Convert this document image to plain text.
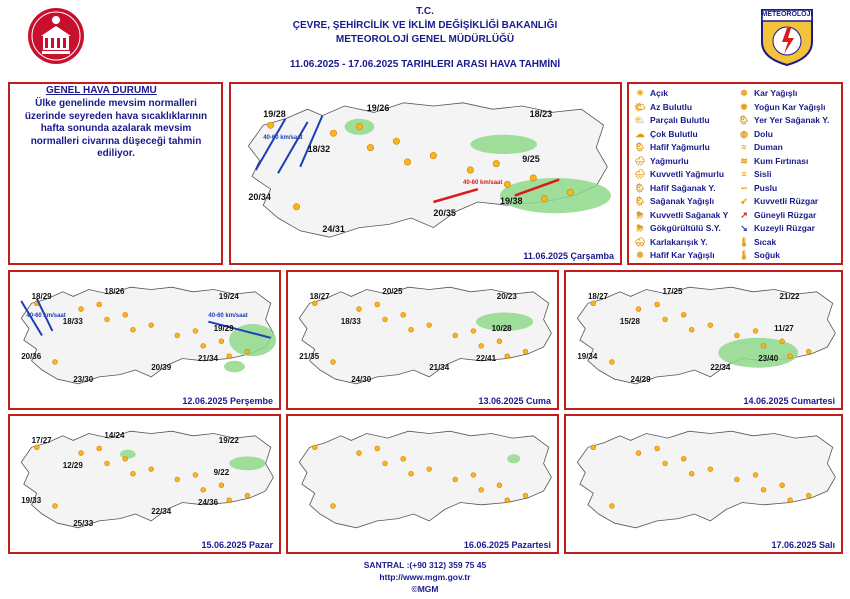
T.C.
ÇEVRE, ŞEHİRCİLİK VE İKLİM DEĞİŞİKLİĞİ BAKANLIĞI
METEOROLOJİ GENEL MÜDÜRLÜĞÜ
11.06.2025 - 17.06.2025 TARIHLERI ARASI HAVA TAHMİNİ
METEOROLOJİ
GENEL HAVA DURUMU
Ülke genelinde mevsim normalleri üzerinde seyreden hava sıcaklıklarının hafta sonunda azalarak mevsim normalleri civarına düşeceği tahmin ediliyor.
11.06.2025 Çarşamba
19/28
19/26
18/23
18/32
9/25
20/34	19/38
20/35
24/31
40-60 km/saat
40-60 km/saat
12.06.2025 Perşembe
18/29
18/26
19/24
18/33
19/29
20/36	21/34
20/39
23/30
40-60 km/saat	40-60 km/saat
13.06.2025 Cuma
18/27
20/25
20/23
18/33
10/28
21/35	22/41
21/34
24/30
14.06.2025 Cumartesi
18/27
17/25
21/22
15/28
11/27
19/34	23/40
22/34
24/29
15.06.2025 Pazar
17/27
14/24
19/22
12/29
9/22
19/33	24/36
22/34
25/33
16.06.2025 Pazartesi	17.06.2025 Salı
☀ Açık
🌤 Az Bulutlu
⛅ Parçalı Bulutlu
☁ Çok Bulutlu
🌦 Hafif Yağmurlu
🌧 Yağmurlu
🌧 Kuvvetli Yağmurlu
🌦 Hafif Sağanak Y.
🌦 Sağanak Yağışlı
⛈ Kuvvetli Sağanak Y
⛈ Gökgürültülü S.Y.
🌨 Karlakarışık Y.
❄ Hafif Kar Yağışlı
❄ Kar Yağışlı
❅ Yoğun Kar Yağışlı
🌦 Yer Yer Sağanak Y.
◍ Dolu
≈ Duman
≋ Kum Fırtınası
≡ Sisli
∽ Puslu
➶ Kuvvetli Rüzgar
↗ Güneyli Rüzgar
↘ Kuzeyli Rüzgar
🌡 Sıcak
🌡 Soğuk
SANTRAL :(+90 312) 359 75 45
http://www.mgm.gov.tr
©MGM
